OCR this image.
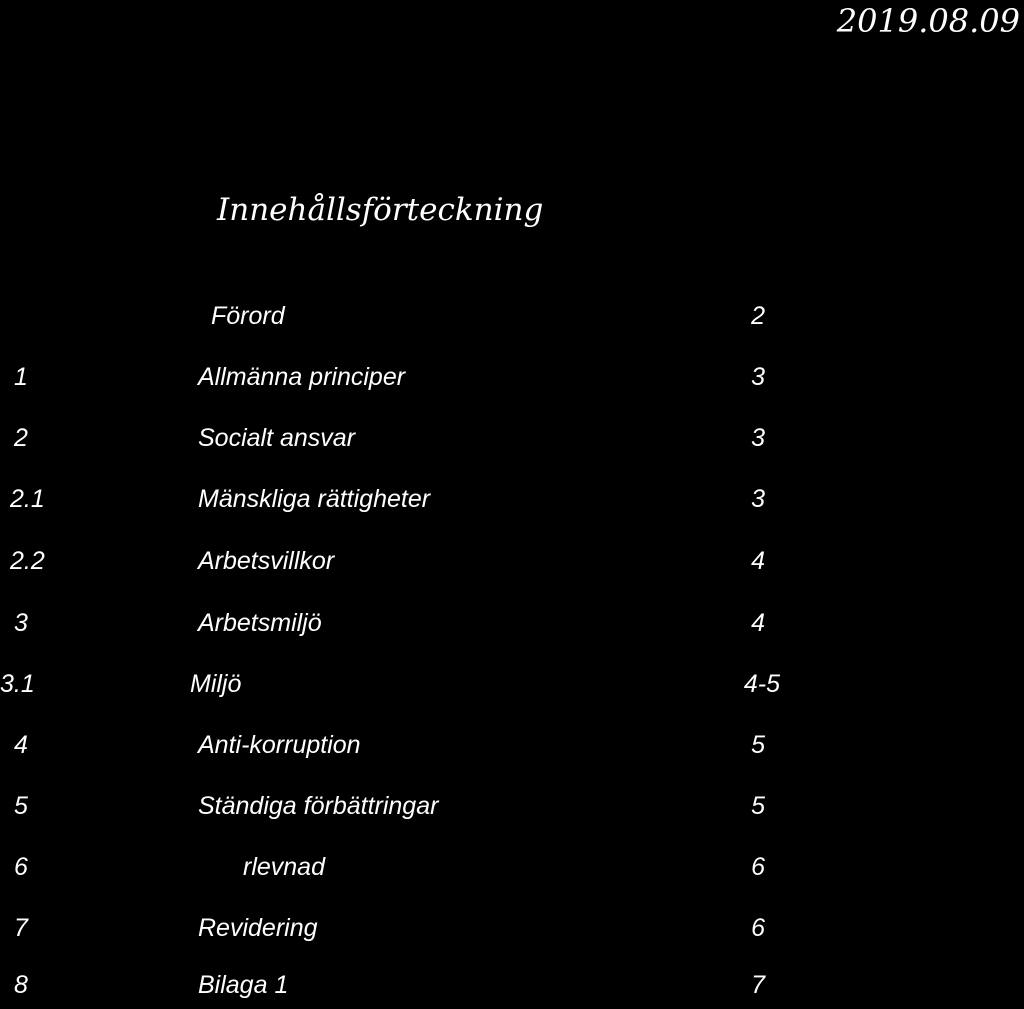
2019.08.09
Innehållsförteckning
Förord	2
1	Allmänna principer	3
2	Socialt ansvar	3
2.1	Mänskliga rättigheter	3
2.2	Arbetsvillkor	4
3	Arbetsmiljö	4
3.1	Miljö	4-5
4	Anti-korruption	5
5	Ständiga förbättringar	5
6	rlevnad	6
7	Revidering	6
8	Bilaga 1	7
